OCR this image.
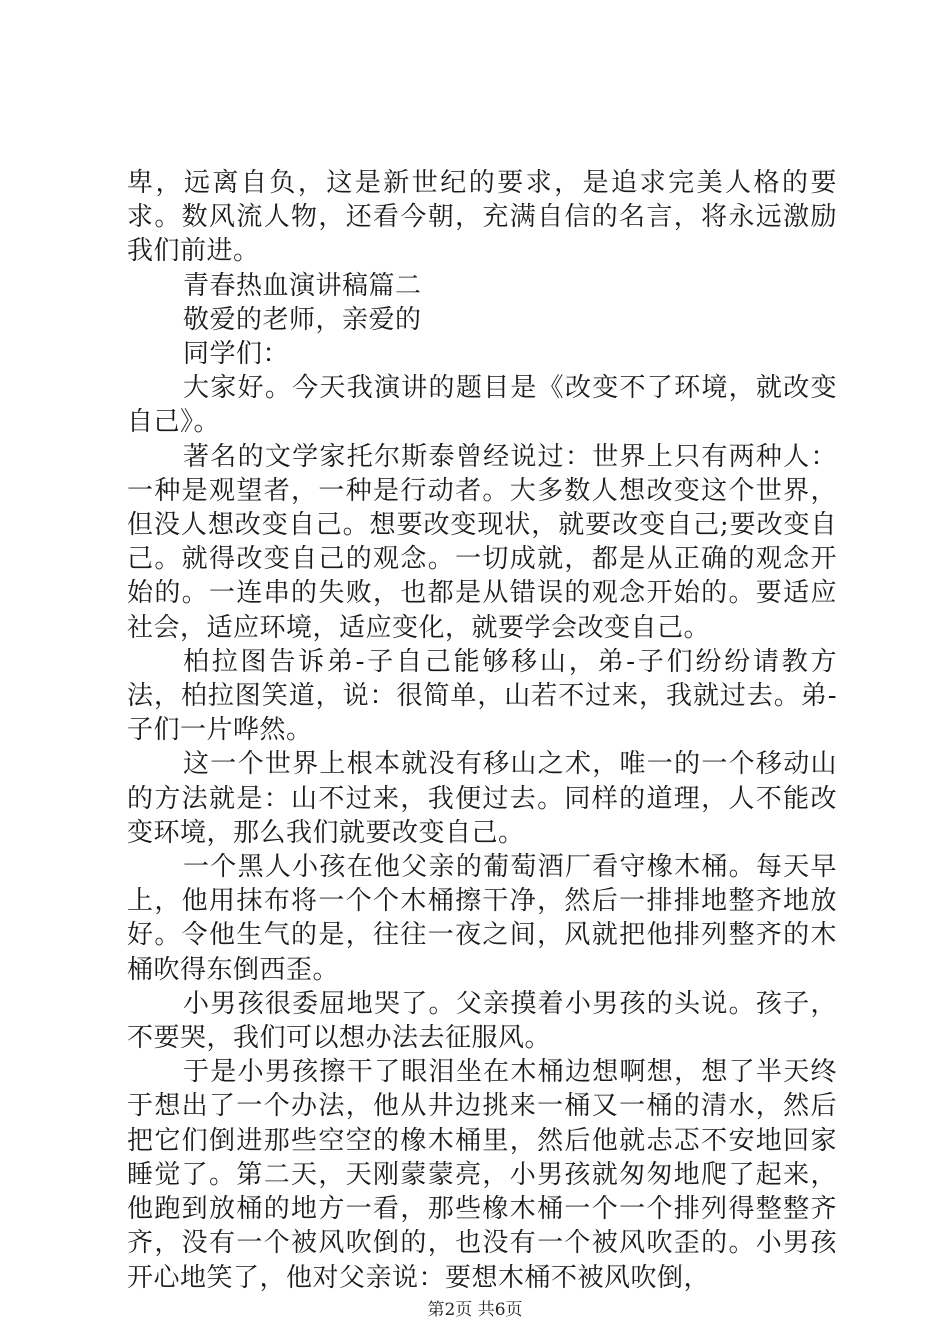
卑，远离自负，这是新世纪的要求，是追求完美人格的要求。数风流人物，还看今朝，充满自信的名言，将永远激励我们前进。

青春热血演讲稿篇二

敬爱的老师，亲爱的

同学们：

大家好。今天我演讲的题目是《改变不了环境，就改变自己》。

著名的文学家托尔斯泰曾经说过：世界上只有两种人：一种是观望者，一种是行动者。大多数人想改变这个世界，但没人想改变自己。想要改变现状，就要改变自己;要改变自己。就得改变自己的观念。一切成就，都是从正确的观念开始的。一连串的失败，也都是从错误的观念开始的。要适应社会，适应环境，适应变化，就要学会改变自己。

柏拉图告诉弟-子自己能够移山，弟-子们纷纷请教方法，柏拉图笑道，说：很简单，山若不过来，我就过去。弟-子们一片哗然。

这一个世界上根本就没有移山之术，唯一的一个移动山的方法就是：山不过来，我便过去。同样的道理，人不能改变环境，那么我们就要改变自己。

一个黑人小孩在他父亲的葡萄酒厂看守橡木桶。每天早上，他用抹布将一个个木桶擦干净，然后一排排地整齐地放好。令他生气的是，往往一夜之间，风就把他排列整齐的木桶吹得东倒西歪。

小男孩很委屈地哭了。父亲摸着小男孩的头说。孩子，不要哭，我们可以想办法去征服风。

于是小男孩擦干了眼泪坐在木桶边想啊想，想了半天终于想出了一个办法，他从井边挑来一桶又一桶的清水，然后把它们倒进那些空空的橡木桶里，然后他就忐忑不安地回家睡觉了。第二天，天刚蒙蒙亮，小男孩就匆匆地爬了起来，他跑到放桶的地方一看，那些橡木桶一个一个排列得整整齐齐，没有一个被风吹倒的，也没有一个被风吹歪的。小男孩开心地笑了，他对父亲说：要想木桶不被风吹倒，

第2页 共6页
